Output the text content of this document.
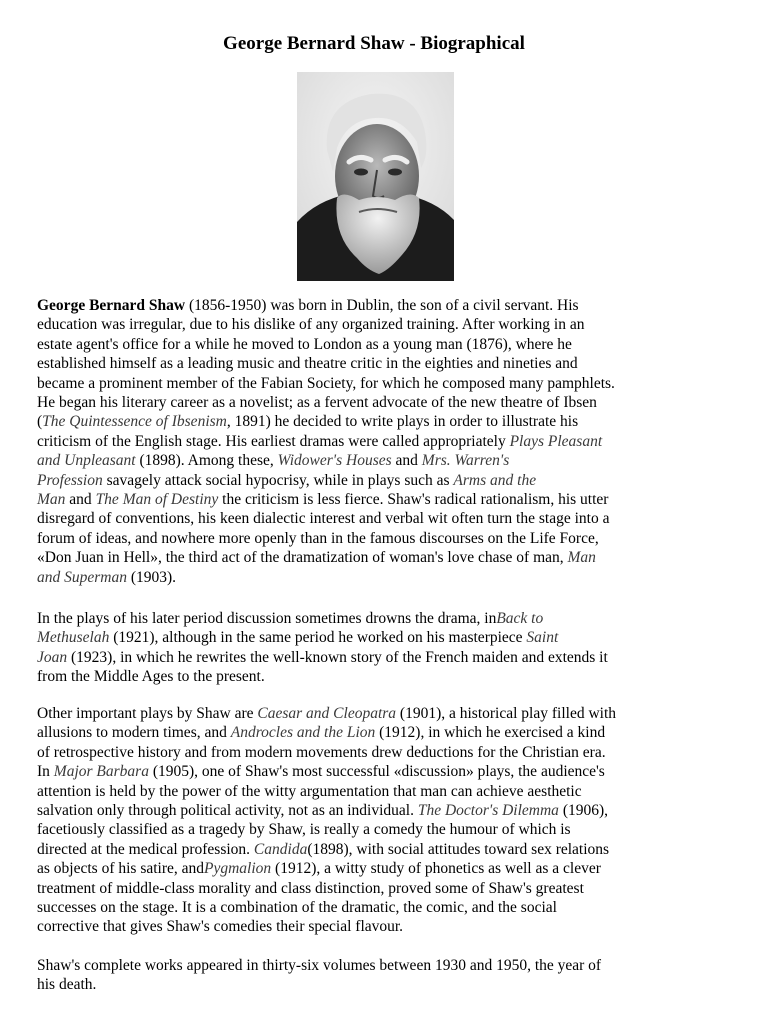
George Bernard Shaw - Biographical
George Bernard Shaw (1856-1950) was born in Dublin, the son of a civil servant. His
education was irregular, due to his dislike of any organized training. After working in an
estate agent's office for a while he moved to London as a young man (1876), where he
established himself as a leading music and theatre critic in the eighties and nineties and
became a prominent member of the Fabian Society, for which he composed many pamphlets.
He began his literary career as a novelist; as a fervent advocate of the new theatre of Ibsen
(The Quintessence of Ibsenism, 1891) he decided to write plays in order to illustrate his
criticism of the English stage. His earliest dramas were called appropriately Plays Pleasant
and Unpleasant (1898). Among these, Widower's Houses and Mrs. Warren's
Profession savagely attack social hypocrisy, while in plays such as Arms and the
Man and The Man of Destiny the criticism is less fierce. Shaw's radical rationalism, his utter
disregard of conventions, his keen dialectic interest and verbal wit often turn the stage into a
forum of ideas, and nowhere more openly than in the famous discourses on the Life Force,
«Don Juan in Hell», the third act of the dramatization of woman's love chase of man, Man
and Superman (1903).
In the plays of his later period discussion sometimes drowns the drama, inBack to
Methuselah (1921), although in the same period he worked on his masterpiece Saint
Joan (1923), in which he rewrites the well-known story of the French maiden and extends it
from the Middle Ages to the present.
Other important plays by Shaw are Caesar and Cleopatra (1901), a historical play filled with
allusions to modern times, and Androcles and the Lion (1912), in which he exercised a kind
of retrospective history and from modern movements drew deductions for the Christian era.
In Major Barbara (1905), one of Shaw's most successful «discussion» plays, the audience's
attention is held by the power of the witty argumentation that man can achieve aesthetic
salvation only through political activity, not as an individual. The Doctor's Dilemma (1906),
facetiously classified as a tragedy by Shaw, is really a comedy the humour of which is
directed at the medical profession. Candida(1898), with social attitudes toward sex relations
as objects of his satire, andPygmalion (1912), a witty study of phonetics as well as a clever
treatment of middle-class morality and class distinction, proved some of Shaw's greatest
successes on the stage. It is a combination of the dramatic, the comic, and the social
corrective that gives Shaw's comedies their special flavour.
Shaw's complete works appeared in thirty-six volumes between 1930 and 1950, the year of
his death.
